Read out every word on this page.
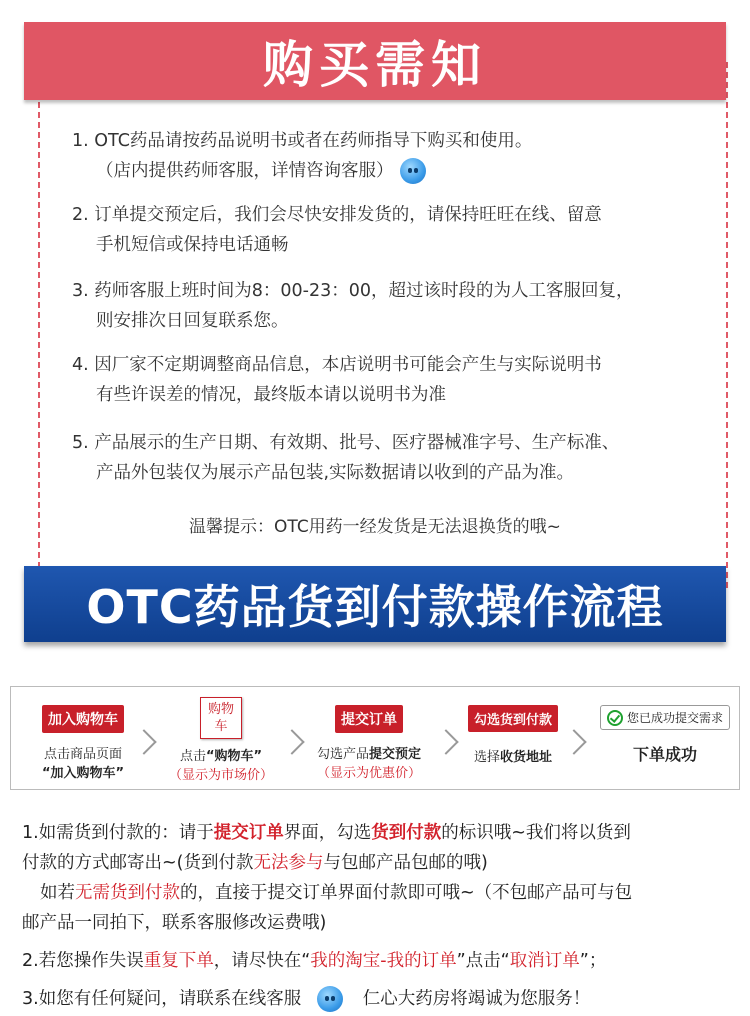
购买需知
1. OTC药品请按药品说明书或者在药师指导下购买和使用。
（店内提供药师客服，详情咨询客服）
2. 订单提交预定后，我们会尽快安排发货的，请保持旺旺在线、留意
手机短信或保持电话通畅
3. 药师客服上班时间为8：00-23：00，超过该时段的为人工客服回复，
则安排次日回复联系您。
4. 因厂家不定期调整商品信息，本店说明书可能会产生与实际说明书
有些许误差的情况，最终版本请以说明书为准
5. 产品展示的生产日期、有效期、批号、医疗器械准字号、生产标准、
产品外包装仅为展示产品包装,实际数据请以收到的产品为准。
温馨提示：OTC用药一经发货是无法退换货的哦~
OTC药品货到付款操作流程
加入购物车
点击商品页面
“加入购物车”
购物车
点击“购物车”
（显示为市场价）
提交订单
勾选产品提交预定
（显示为优惠价）
勾选货到付款
选择收货地址
您已成功提交需求
下单成功

1.如需货到付款的：请于提交订单界面，勾选货到付款的标识哦~我们将以货到
付款的方式邮寄出~(货到付款无法参与与包邮产品包邮的哦)

如若无需货到付款的，直接于提交订单界面付款即可哦~（不包邮产品可与包
邮产品一同拍下，联系客服修改运费哦)

2.若您操作失误重复下单，请尽快在“我的淘宝-我的订单”点击“取消订单”；

3.如您有任何疑问，请联系在线客服	仁心大药房将竭诚为您服务！
